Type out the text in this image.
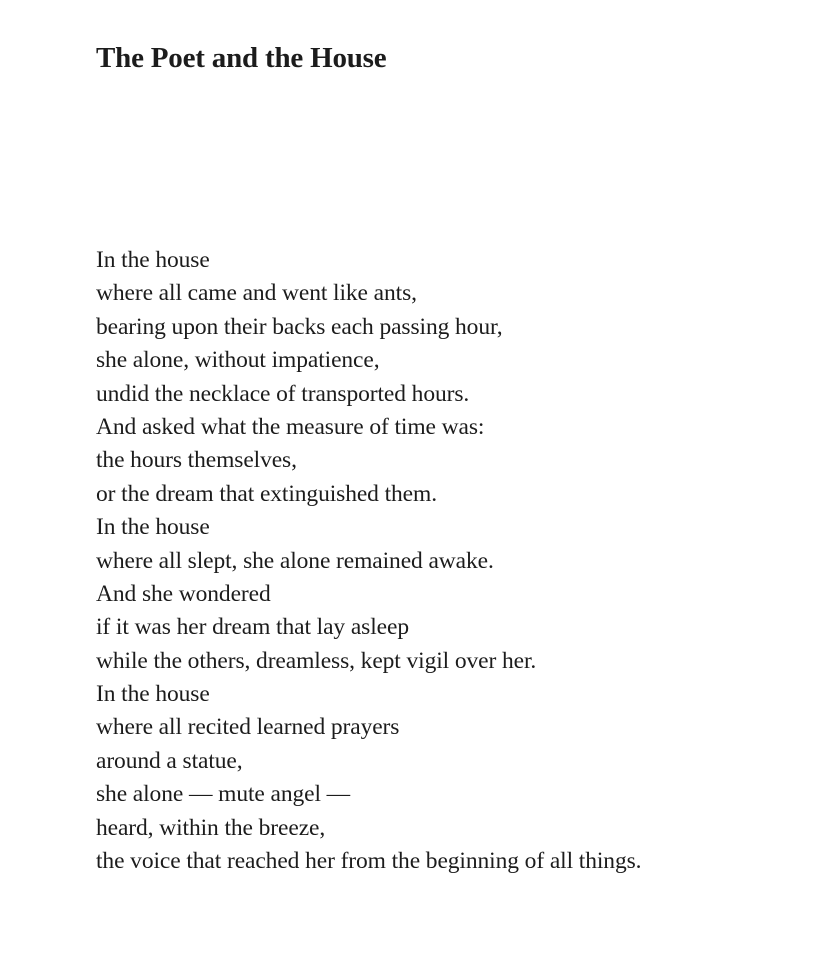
The Poet and the House
In the house
where all came and went like ants,
bearing upon their backs each passing hour,
she alone, without impatience,
undid the necklace of transported hours.
And asked what the measure of time was:
the hours themselves,
or the dream that extinguished them.
In the house
where all slept, she alone remained awake.
And she wondered
if it was her dream that lay asleep
while the others, dreamless, kept vigil over her.
In the house
where all recited learned prayers
around a statue,
she alone — mute angel —
heard, within the breeze,
the voice that reached her from the beginning of all things.
